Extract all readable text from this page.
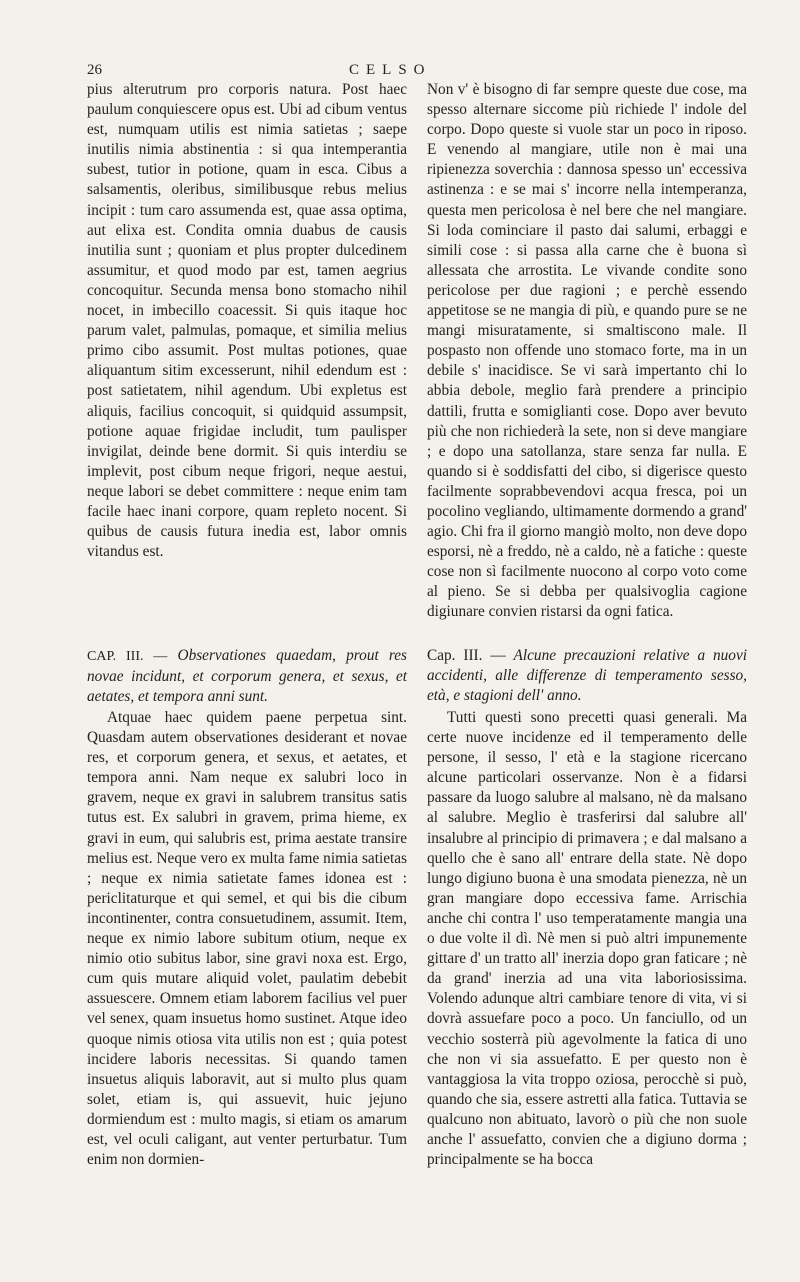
26	CELSO

pius alterutrum pro corporis natura. Post haec paulum conquiescere opus est. Ubi ad cibum ventus est, numquam utilis est nimia satietas ; saepe inutilis nimia abstinentia : si qua intemperantia subest, tutior in potione, quam in esca. Cibus a salsamentis, oleribus, similibusque rebus melius incipit : tum caro assumenda est, quae assa optima, aut elixa est. Condita omnia duabus de causis inutilia sunt ; quoniam et plus propter dulcedinem assumitur, et quod modo par est, tamen aegrius concoquitur. Secunda mensa bono stomacho nihil nocet, in imbecillo coacessit. Si quis itaque hoc parum valet, palmulas, pomaque, et similia melius primo cibo assumit. Post multas potiones, quae aliquantum sitim excesserunt, nihil edendum est : post satietatem, nihil agendum. Ubi expletus est aliquis, facilius concoquit, si quidquid assumpsit, potione aquae frigidae includit, tum paulisper invigilat, deinde bene dormit. Si quis interdiu se implevit, post cibum neque frigori, neque aestui, neque labori se debet committere : neque enim tam facile haec inani corpore, quam repleto nocent. Si quibus de causis futura inedia est, labor omnis vitandus est.

Non v' è bisogno di far sempre queste due cose, ma spesso alternare siccome più richiede l' indole del corpo. Dopo queste si vuole star un poco in riposo. E venendo al mangiare, utile non è mai una ripienezza soverchia : dannosa spesso un' eccessiva astinenza : e se mai s' incorre nella intemperanza, questa men pericolosa è nel bere che nel mangiare. Si loda cominciare il pasto dai salumi, erbaggi e simili cose : si passa alla carne che è buona sì allessata che arrostita. Le vivande condite sono pericolose per due ragioni ; e perchè essendo appetitose se ne mangia di più, e quando pure se ne mangi misuratamente, si smaltiscono male. Il pospasto non offende uno stomaco forte, ma in un debile s' inacidisce. Se vi sarà impertanto chi lo abbia debole, meglio farà prendere a principio dattili, frutta e somiglianti cose. Dopo aver bevuto più che non richiederà la sete, non si deve mangiare ; e dopo una satollanza, stare senza far nulla. E quando si è soddisfatti del cibo, si digerisce questo facilmente soprabbevendovi acqua fresca, poi un pocolino vegliando, ultimamente dormendo a grand' agio. Chi fra il giorno mangiò molto, non deve dopo esporsi, nè a freddo, nè a caldo, nè a fatiche : queste cose non sì facilmente nuocono al corpo voto come al pieno. Se si debba per qualsivoglia cagione digiunare convien ristarsi da ogni fatica.

CAP. III. — Observationes quaedam, prout res novae incidunt, et corporum genera, et sexus, et aetates, et tempora anni sunt.
Cap. III. — Alcune precauzioni relative a nuovi accidenti, alle differenze di temperamento sesso, età, e stagioni dell' anno.

Atquae haec quidem paene perpetua sint. Quasdam autem observationes desiderant et novae res, et corporum genera, et sexus, et aetates, et tempora anni. Nam neque ex salubri loco in gravem, neque ex gravi in salubrem transitus satis tutus est. Ex salubri in gravem, prima hieme, ex gravi in eum, qui salubris est, prima aestate transire melius est. Neque vero ex multa fame nimia satietas ; neque ex nimia satietate fames idonea est : periclitaturque et qui semel, et qui bis die cibum incontinenter, contra consuetudinem, assumit. Item, neque ex nimio labore subitum otium, neque ex nimio otio subitus labor, sine gravi noxa est. Ergo, cum quis mutare aliquid volet, paulatim debebit assuescere. Omnem etiam laborem facilius vel puer vel senex, quam insuetus homo sustinet. Atque ideo quoque nimis otiosa vita utilis non est ; quia potest incidere laboris necessitas. Si quando tamen insuetus aliquis laboravit, aut si multo plus quam solet, etiam is, qui assuevit, huic jejuno dormiendum est : multo magis, si etiam os amarum est, vel oculi caligant, aut venter perturbatur. Tum enim non dormien-

Tutti questi sono precetti quasi generali. Ma certe nuove incidenze ed il temperamento delle persone, il sesso, l' età e la stagione ricercano alcune particolari osservanze. Non è a fidarsi passare da luogo salubre al malsano, nè da malsano al salubre. Meglio è trasferirsi dal salubre all' insalubre al principio di primavera ; e dal malsano a quello che è sano all' entrare della state. Nè dopo lungo digiuno buona è una smodata pienezza, nè un gran mangiare dopo eccessiva fame. Arrischia anche chi contra l' uso temperatamente mangia una o due volte il dì. Nè men si può altri impunemente gittare d' un tratto all' inerzia dopo gran faticare ; nè da grand' inerzia ad una vita laboriosissima. Volendo adunque altri cambiare tenore di vita, vi si dovrà assuefare poco a poco. Un fanciullo, od un vecchio sosterrà più agevolmente la fatica di uno che non vi sia assuefatto. E per questo non è vantaggiosa la vita troppo oziosa, perocchè si può, quando che sia, essere astretti alla fatica. Tuttavia se qualcuno non abituato, lavorò o più che non suole anche l' assuefatto, convien che a digiuno dorma ; principalmente se ha bocca
